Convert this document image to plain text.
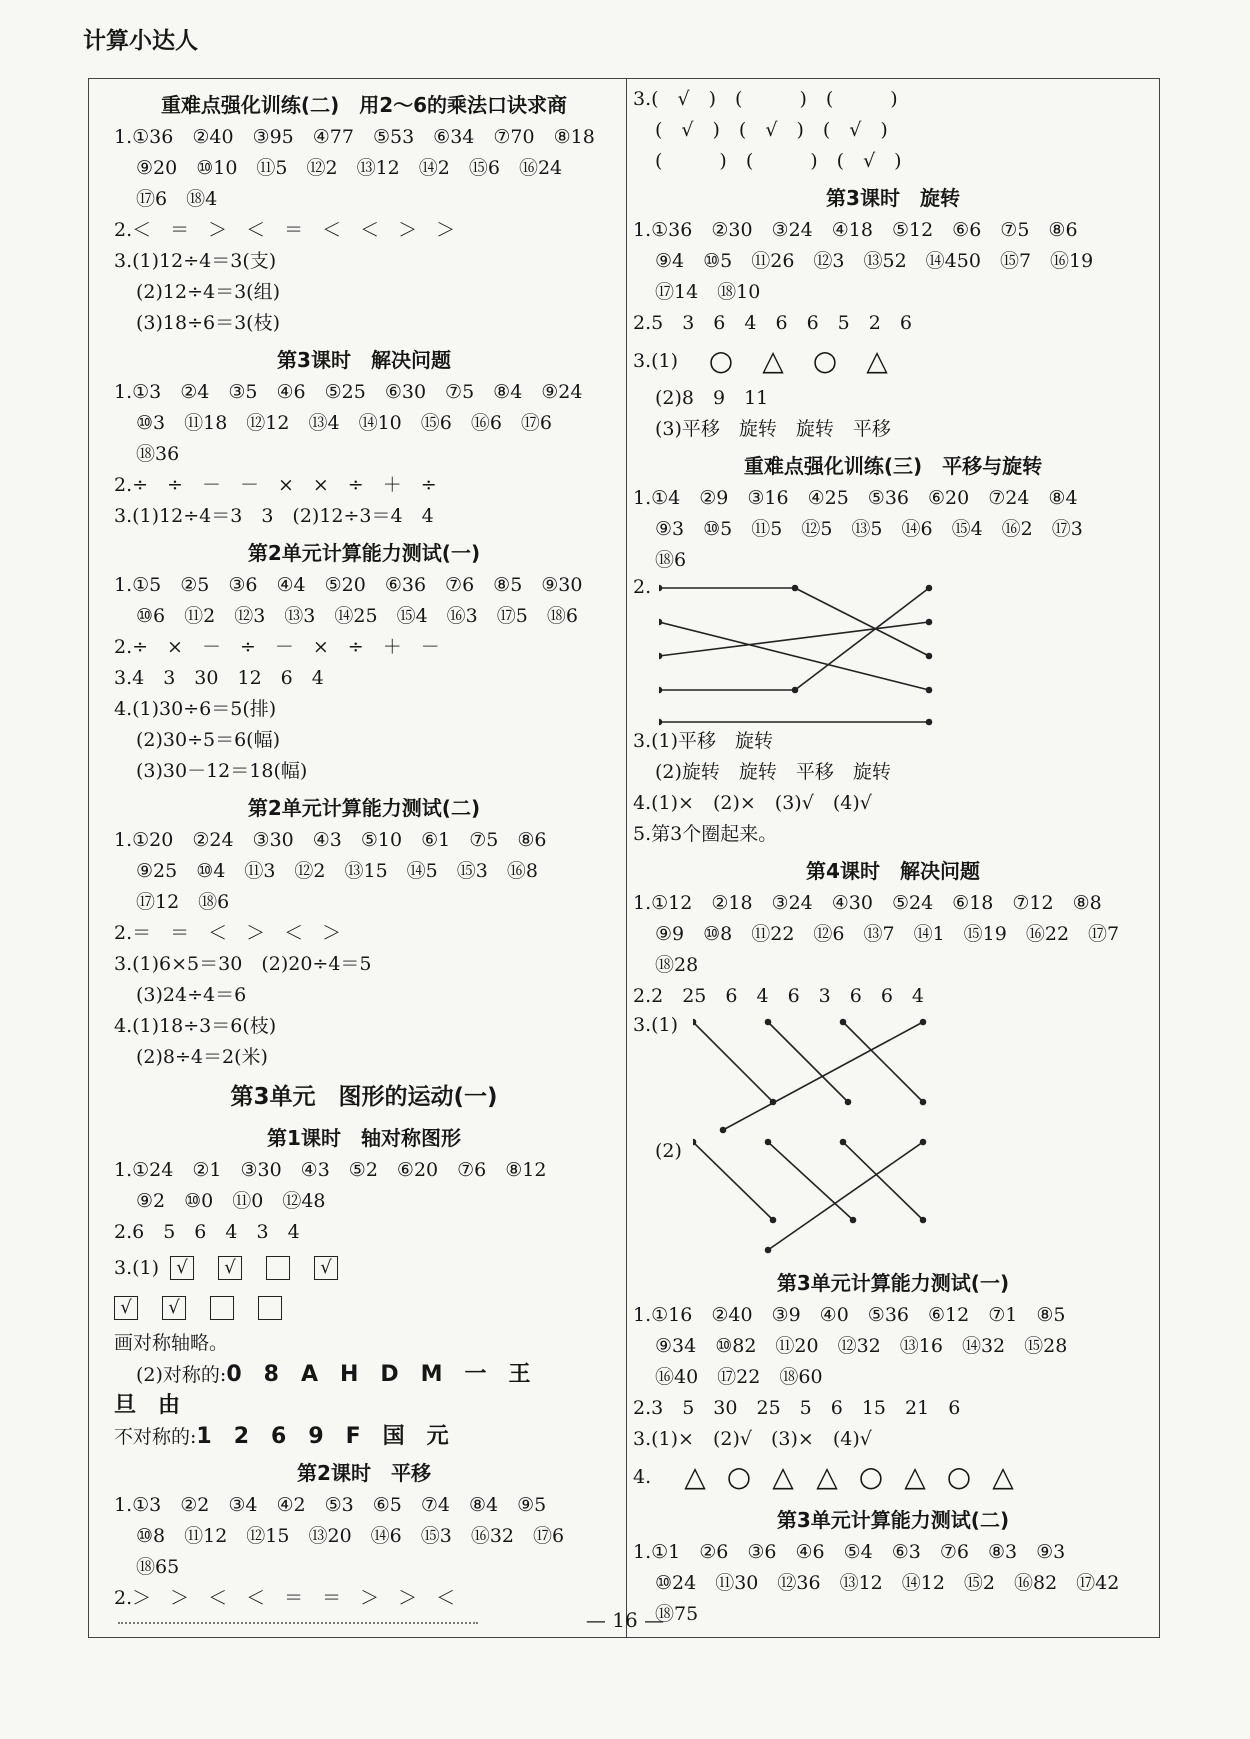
计算小达人
重难点强化训练(二)　用2～6的乘法口诀求商
1.①36　②40　③95　④77　⑤53　⑥34　⑦70　⑧18
⑨20　⑩10　⑪5　⑫2　⑬12　⑭2　⑮6　⑯24
⑰6　⑱4
2.＜　＝　＞　＜　＝　＜　＜　＞　＞
3.(1)12÷4＝3(支)
(2)12÷4＝3(组)
(3)18÷6＝3(枝)
第3课时　解决问题
1.①3　②4　③5　④6　⑤25　⑥30　⑦5　⑧4　⑨24
⑩3　⑪18　⑫12　⑬4　⑭10　⑮6　⑯6　⑰6
⑱36
2.÷　÷　－　－　×　×　÷　＋　÷
3.(1)12÷4＝3　3　(2)12÷3＝4　4
第2单元计算能力测试(一)
1.①5　②5　③6　④4　⑤20　⑥36　⑦6　⑧5　⑨30
⑩6　⑪2　⑫3　⑬3　⑭25　⑮4　⑯3　⑰5　⑱6
2.÷　×　－　÷　－　×　÷　＋　－
3.4　3　30　12　6　4
4.(1)30÷6＝5(排)
(2)30÷5＝6(幅)
(3)30－12＝18(幅)
第2单元计算能力测试(二)
1.①20　②24　③30　④3　⑤10　⑥1　⑦5　⑧6
⑨25　⑩4　⑪3　⑫2　⑬15　⑭5　⑮3　⑯8
⑰12　⑱6
2.＝　＝　＜　＞　＜　＞
3.(1)6×5＝30　(2)20÷4＝5
(3)24÷4＝6
4.(1)18÷3＝6(枝)
(2)8÷4＝2(米)
第3单元　图形的运动(一)
第1课时　轴对称图形
1.①24　②1　③30　④3　⑤2　⑥20　⑦6　⑧12
⑨2　⑩0　⑪0　⑫48
2.6　5　6　4　3　4
3.(1) √	√	√
√	√
画对称轴略。
(2)对称的:0　8　A　H　D　M　一　王
旦　由
不对称的:1　2　6　9　F　国　元
第2课时　平移
1.①3　②2　③4　④2　⑤3　⑥5　⑦4　⑧4　⑨5
⑩8　⑪12　⑫15　⑬20　⑭6　⑮3　⑯32　⑰6
⑱65
2.＞　＞　＜　＜　＝　＝　＞　＞　＜
3.(　√　)　(　　　)　(　　　)
(　√　)　(　√　)　(　√　)
(　　　)　(　　　)　(　√　)
第3课时　旋转
1.①36　②30　③24　④18　⑤12　⑥6　⑦5　⑧6
⑨4　⑩5　⑪26　⑫3　⑬52　⑭450　⑮7　⑯19
⑰14　⑱10
2.5　3　6　4　6　6　5　2　6
3.(1)	○	△	○	△
(2)8　9　11
(3)平移　旋转　旋转　平移
重难点强化训练(三)　平移与旋转
1.①4　②9　③16　④25　⑤36　⑥20　⑦24　⑧4
⑨3　⑩5　⑪5　⑫5　⑬5　⑭6　⑮4　⑯2　⑰3
⑱6
2.
3.(1)平移　旋转
(2)旋转　旋转　平移　旋转
4.(1)×　(2)×　(3)√　(4)√
5.第3个圈起来。
第4课时　解决问题
1.①12　②18　③24　④30　⑤24　⑥18　⑦12　⑧8
⑨9　⑩8　⑪22　⑫6　⑬7　⑭1　⑮19　⑯22　⑰7
⑱28
2.2　25　6　4　6　3　6　6　4
3.(1)
(2)
第3单元计算能力测试(一)
1.①16　②40　③9　④0　⑤36　⑥12　⑦1　⑧5
⑨34　⑩82　⑪20　⑫32　⑬16　⑭32　⑮28
⑯40　⑰22　⑱60
2.3　5　30　25　5　6　15　21　6
3.(1)×　(2)√　(3)×　(4)√
4.	△ ○ △ △ ○ △ ○ △
第3单元计算能力测试(二)
1.①1　②6　③6　④6　⑤4　⑥3　⑦6　⑧3　⑨3
⑩24　⑪30　⑫36　⑬12　⑭12　⑮2　⑯82　⑰42
⑱75
— 16 —
